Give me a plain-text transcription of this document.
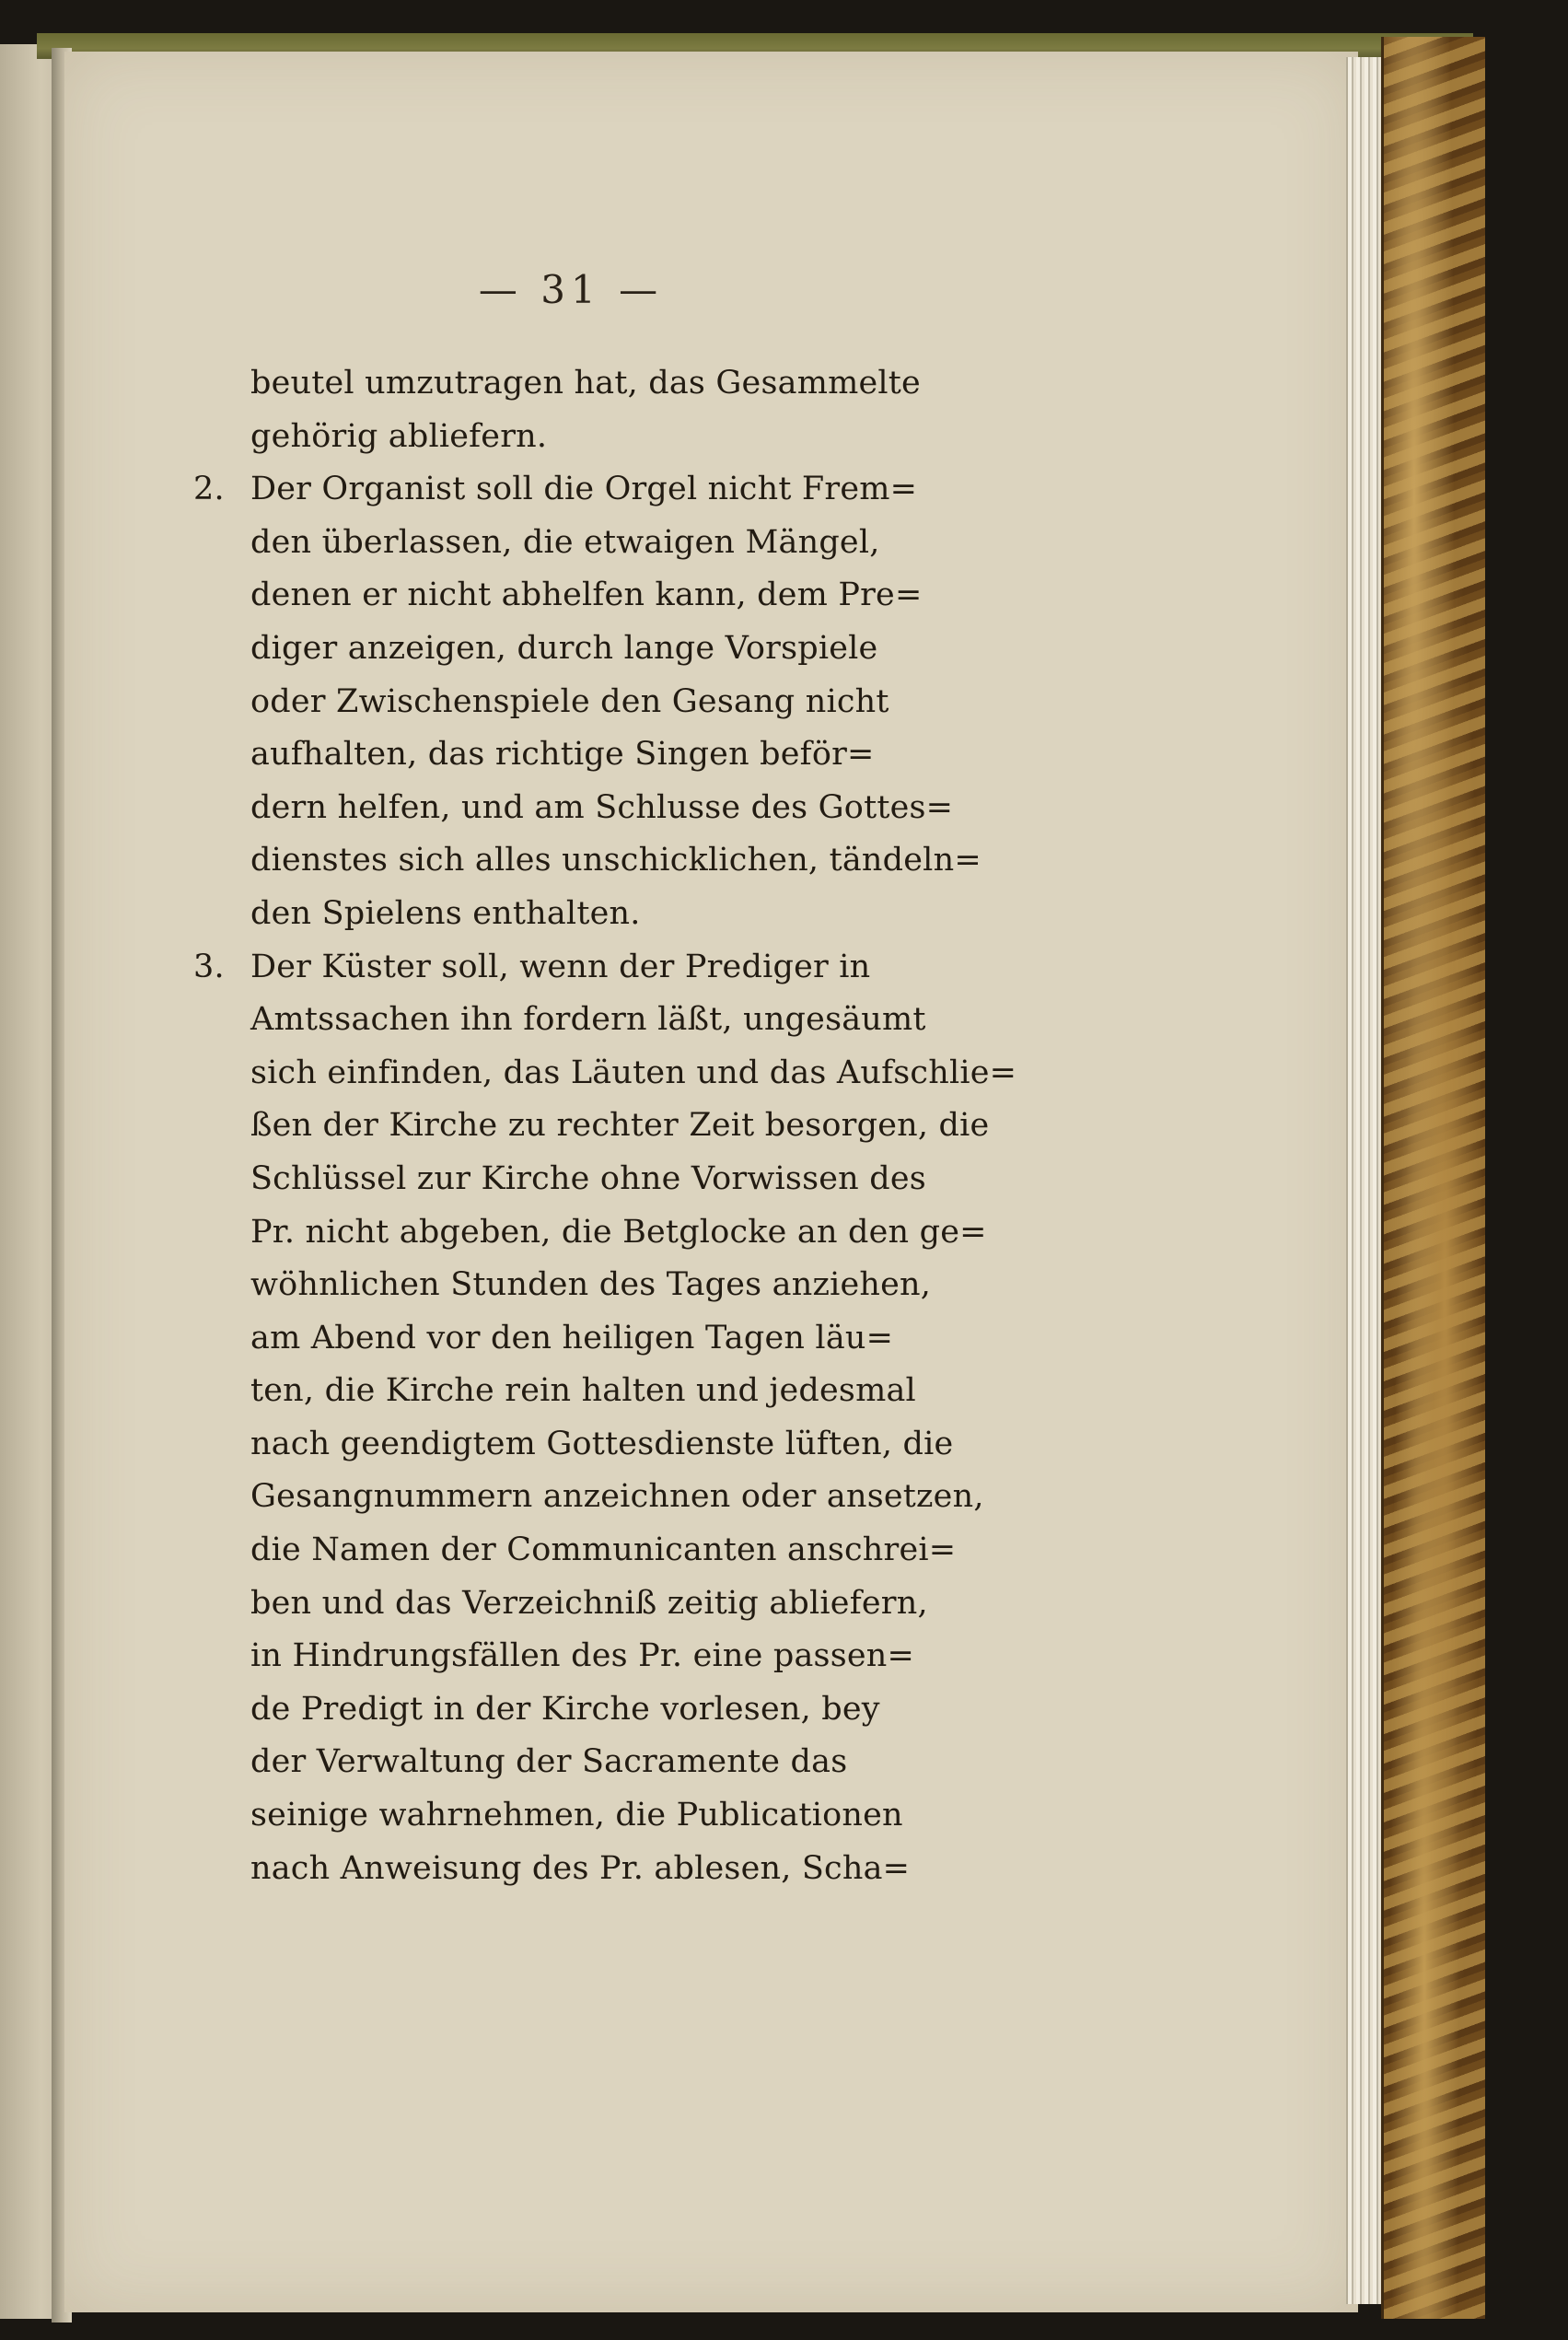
— 31 —
beutel umzutragen hat, das Gesammelte
gehörig abliefern.
2. Der Organist soll die Orgel nicht Frem=
den überlassen, die etwaigen Mängel,
denen er nicht abhelfen kann, dem Pre=
diger anzeigen, durch lange Vorspiele
oder Zwischenspiele den Gesang nicht
aufhalten, das richtige Singen beför=
dern helfen, und am Schlusse des Gottes=
dienstes sich alles unschicklichen, tändeln=
den Spielens enthalten.
3. Der Küster soll, wenn der Prediger in
Amtssachen ihn fordern läßt, ungesäumt
sich einfinden, das Läuten und das Aufschlie=
ßen der Kirche zu rechter Zeit besorgen, die
Schlüssel zur Kirche ohne Vorwissen des
Pr. nicht abgeben, die Betglocke an den ge=
wöhnlichen Stunden des Tages anziehen,
am Abend vor den heiligen Tagen läu=
ten, die Kirche rein halten und jedesmal
nach geendigtem Gottesdienste lüften, die
Gesangnummern anzeichnen oder ansetzen,
die Namen der Communicanten anschrei=
ben und das Verzeichniß zeitig abliefern,
in Hindrungsfällen des Pr. eine passen=
de Predigt in der Kirche vorlesen, bey
der Verwaltung der Sacramente das
seinige wahrnehmen, die Publicationen
nach Anweisung des Pr. ablesen, Scha=
